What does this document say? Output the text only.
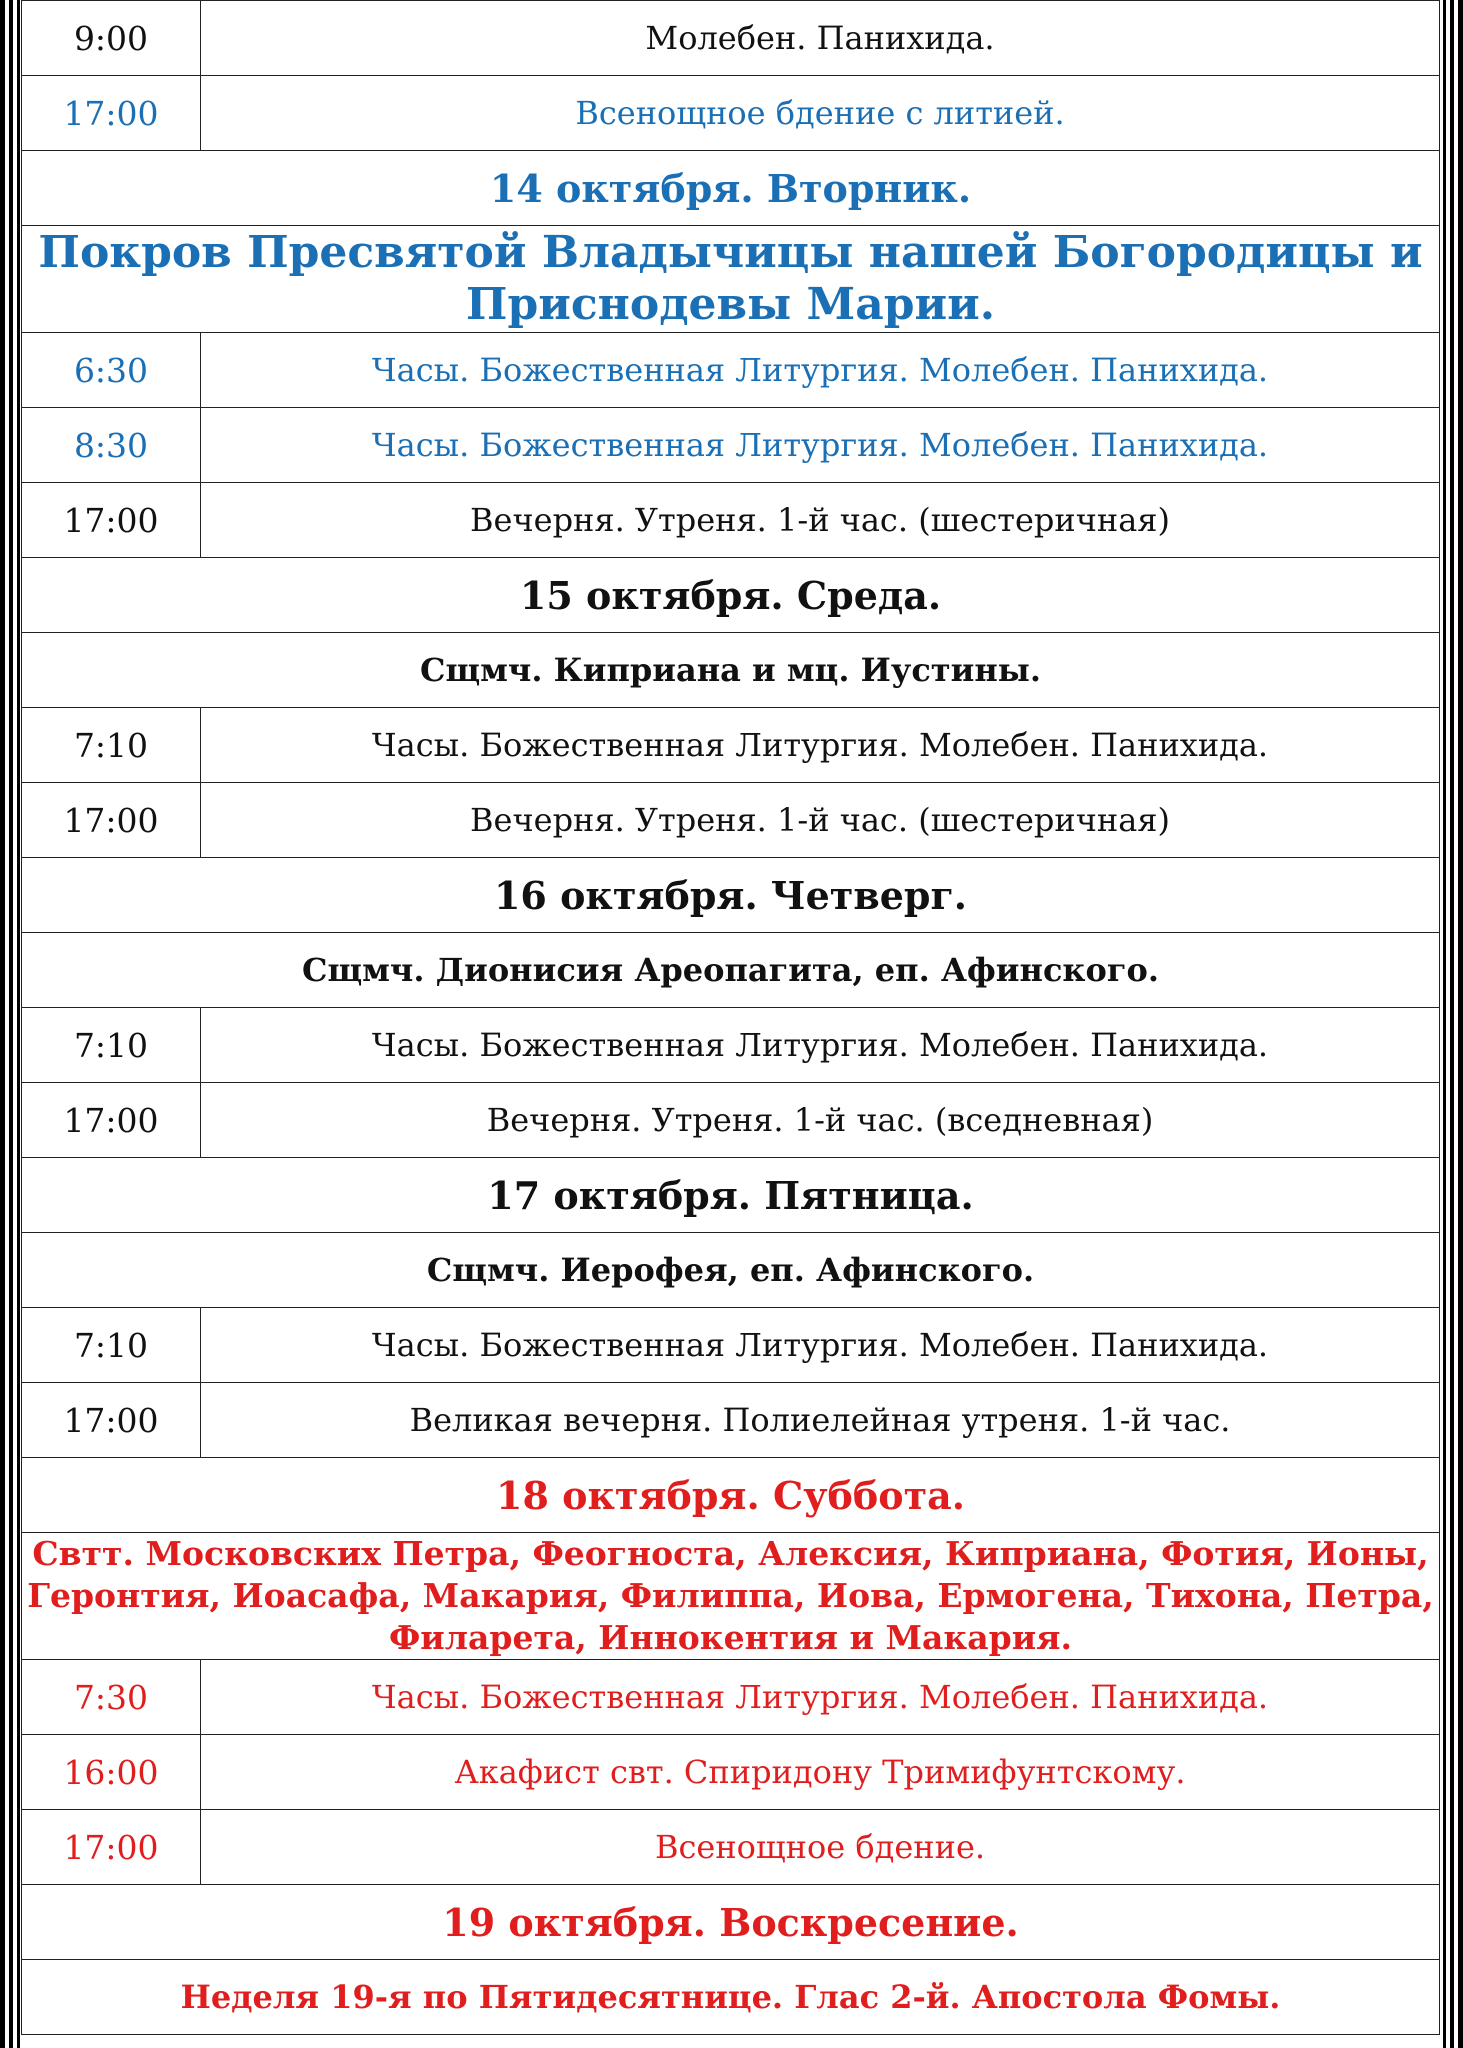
9:00	Молебен. Панихида.
17:00	Всенощное бдение с литией.
14 октября. Вторник.	
Покров Пресвятой Владычицы нашей Богородицы и Приснодевы Марии.	
6:30	Часы. Божественная Литургия. Молебен. Панихида.
8:30	Часы. Божественная Литургия. Молебен. Панихида.
17:00	Вечерня. Утреня. 1-й час. (шестеричная)
15 октября. Среда.	
Сщмч. Киприана и мц. Иустины.	
7:10	Часы. Божественная Литургия. Молебен. Панихида.
17:00	Вечерня. Утреня. 1-й час. (шестеричная)
16 октября. Четверг.	
Сщмч. Дионисия Ареопагита, еп. Афинского.	
7:10	Часы. Божественная Литургия. Молебен. Панихида.
17:00	Вечерня. Утреня. 1-й час. (вседневная)
17 октября. Пятница.	
Сщмч. Иерофея, еп. Афинского.	
7:10	Часы. Божественная Литургия. Молебен. Панихида.
17:00	Великая вечерня. Полиелейная утреня. 1-й час.
18 октября. Суббота.	
Свтт. Московских Петра, Феогноста, Алексия, Киприана, Фотия, Ионы, Геронтия, Иоасафа, Макария, Филиппа, Иова, Ермогена, Тихона, Петра, Филарета, Иннокентия и Макария.	
7:30	Часы. Божественная Литургия. Молебен. Панихида.
16:00	Акафист свт. Спиридону Тримифунтскому.
17:00	Всенощное бдение.
19 октября. Воскресение.	
Неделя 19-я по Пятидесятнице. Глас 2-й. Апостола Фомы.	
